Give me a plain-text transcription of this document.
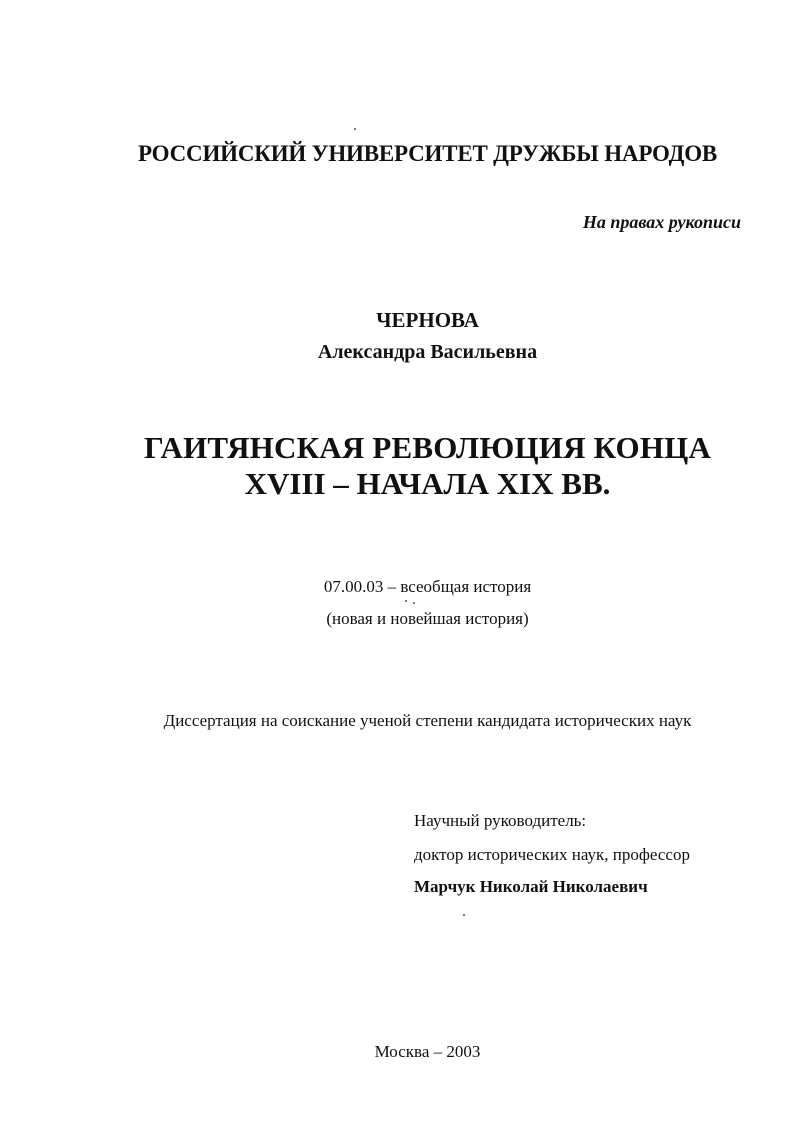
РОССИЙСКИЙ УНИВЕРСИТЕТ ДРУЖБЫ НАРОДОВ
На правах рукописи
ЧЕРНОВА
Александра Васильевна
ГАИТЯНСКАЯ РЕВОЛЮЦИЯ КОНЦА
XVIII – НАЧАЛА XIX ВВ.
07.00.03 – всеобщая история
(новая и новейшая история)
Диссертация на соискание ученой степени кандидата исторических наук
Научный руководитель:
доктор исторических наук, профессор
Марчук Николай Николаевич
Москва – 2003
